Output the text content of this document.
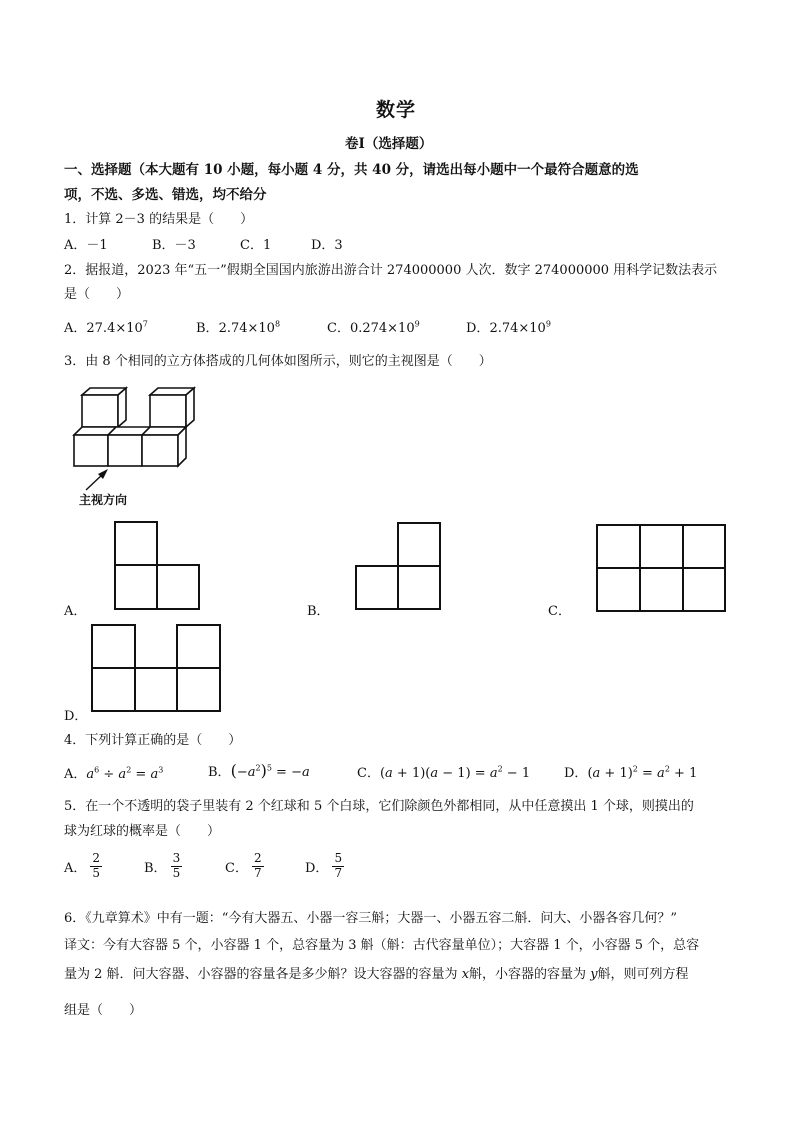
数学
卷Ⅰ（选择题）
一、选择题（本大题有 10 小题，每小题 4 分，共 40 分，请选出每小题中一个最符合题意的选
项，不选、多选、错选，均不给分
1．计算 2－3 的结果是（　　）
A．－1	B．－3	C．1	D．3
2．据报道，2023 年“五一”假期全国国内旅游出游合计 274000000 人次．数字 274000000 用科学记数法表示
是（　　）
A．$27.4\times 10^7$	B．$2.74\times 10^8$	C．$0.274\times 10^9$	D．$2.74\times 10^9$
3．由 8 个相同的立方体搭成的几何体如图所示，则它的主视图是（　　）
主视方向
A．	B．	C．
D．
4．下列计算正确的是（　　）
A．$a^6 \div a^2 = a^3$	B．$(-a^2)^5 = -a$	C．$(a + 1)(a - 1) = a^2 - 1$	D．$(a + 1)^2 = a^2 + 1$
5．在一个不透明的袋子里装有 2 个红球和 5 个白球，它们除颜色外都相同，从中任意摸出 1 个球，则摸出的
球为红球的概率是（　　）
A． $\frac{2}{5}$	B． $\frac{3}{5}$	C． $\frac{2}{7}$	D． $\frac{5}{7}$
6．《九章算术》中有一题：“今有大器五、小器一容三斛；大器一、小器五容二斛．问大、小器各容几何？”
译文：今有大容器 5 个，小容器 1 个，总容量为 3 斛（斛：古代容量单位）；大容器 1 个，小容器 5 个，总容
量为 2 斛．问大容器、小容器的容量各是多少斛？设大容器的容量为 x斛，小容器的容量为 y斛，则可列方程
组是（　　）
